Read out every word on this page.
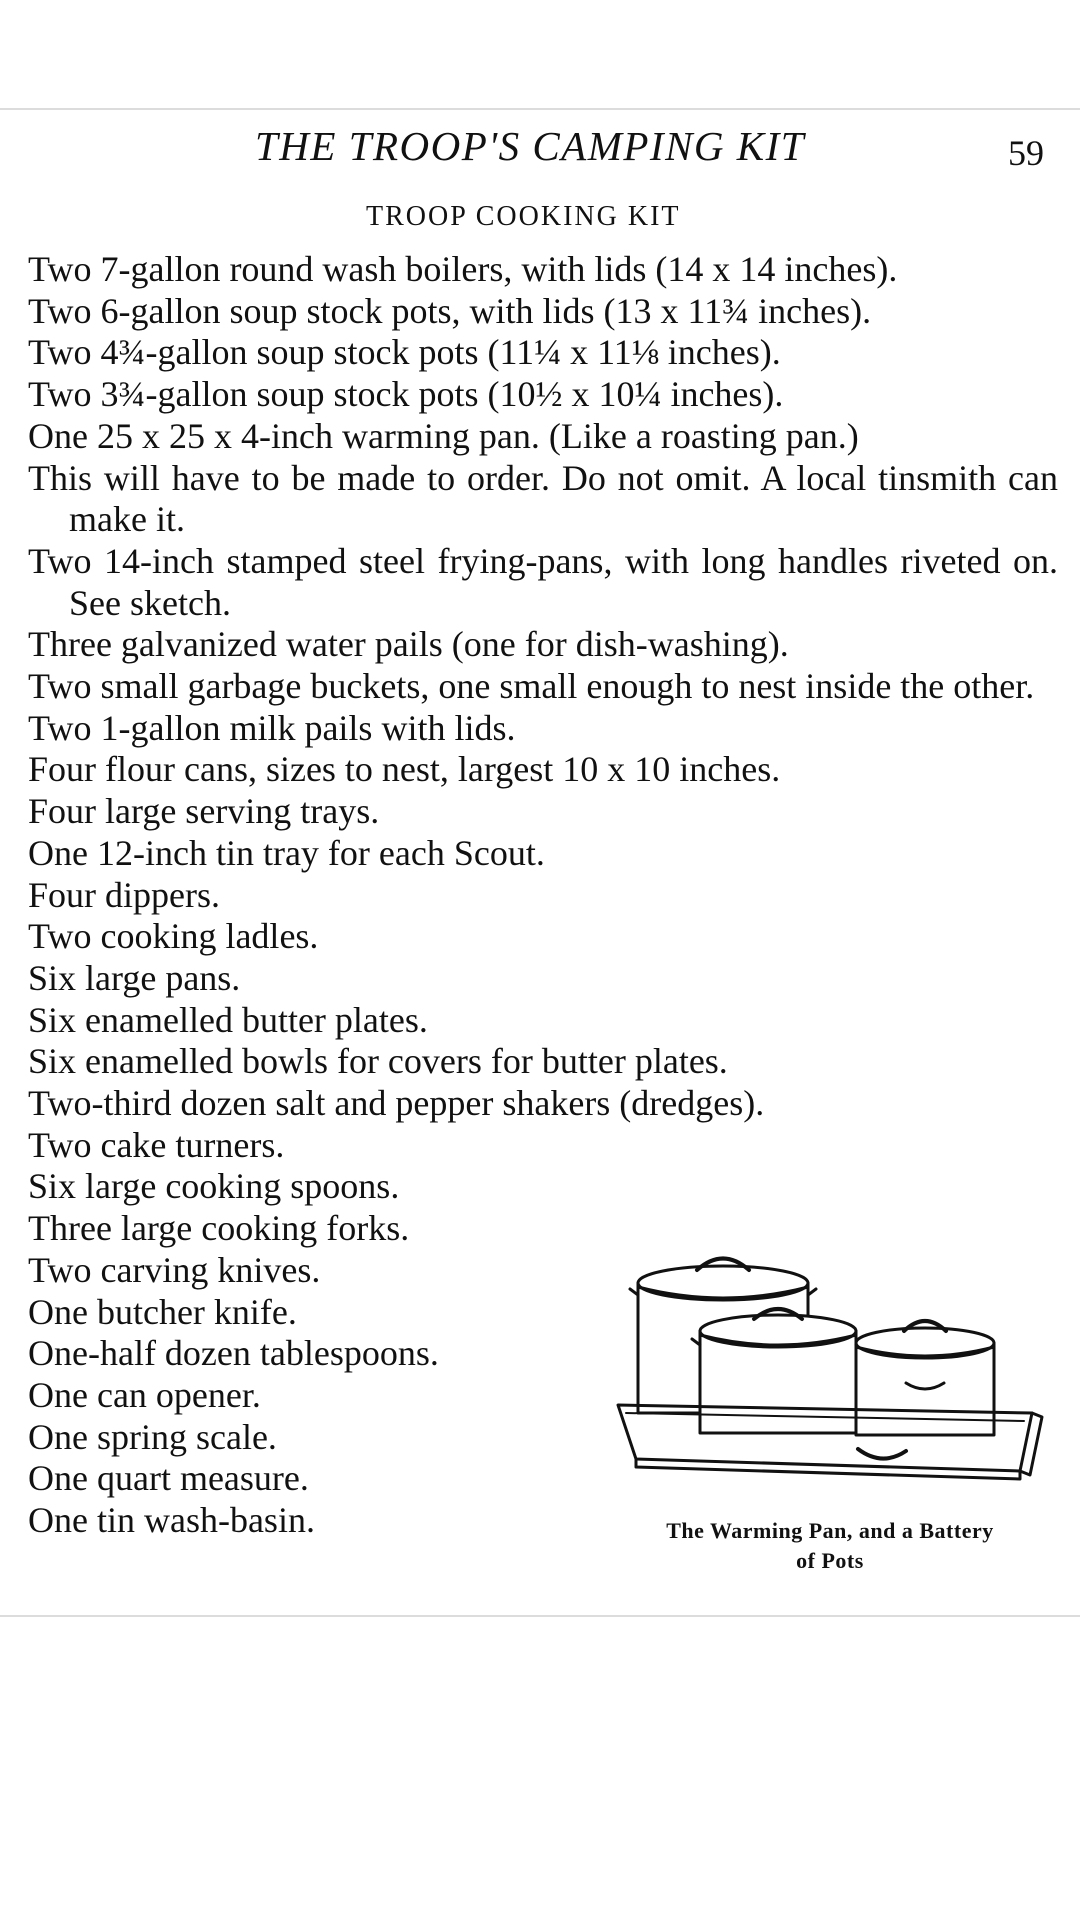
THE TROOP'S CAMPING KIT	59
TROOP COOKING KIT
Two 7-gallon round wash boilers, with lids (14 x 14 inches).
Two 6-gallon soup stock pots, with lids (13 x 11¾ inches).
Two 4¾-gallon soup stock pots (11¼ x 11⅛ inches).
Two 3¾-gallon soup stock pots (10½ x 10¼ inches).
One 25 x 25 x 4-inch warming pan. (Like a roasting pan.)
This will have to be made to order. Do not omit. A local tinsmith can make it.
Two 14-inch stamped steel frying-pans, with long handles riveted on. See sketch.
Three galvanized water pails (one for dish-washing).
Two small garbage buckets, one small enough to nest inside the other.
Two 1-gallon milk pails with lids.
Four flour cans, sizes to nest, largest 10 x 10 inches.
Four large serving trays.
One 12-inch tin tray for each Scout.
Four dippers.
Two cooking ladles.
Six large pans.
Six enamelled butter plates.
Six enamelled bowls for covers for butter plates.
Two-third dozen salt and pepper shakers (dredges).
Two cake turners.
Six large cooking spoons.
Three large cooking forks.
Two carving knives.
One butcher knife.
One-half dozen tablespoons.
One can opener.
One spring scale.
One quart measure.
One tin wash-basin.	The Warming Pan, and a Battery
of Pots
